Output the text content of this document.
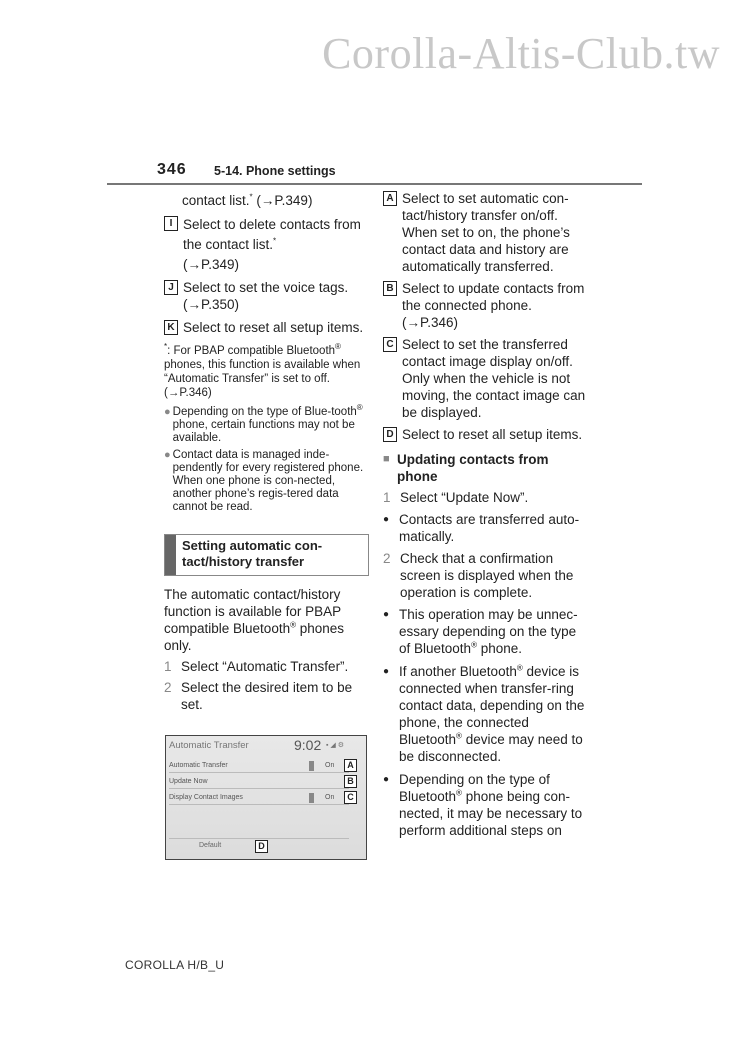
Corolla-Altis-Club.tw
346 5-14. Phone settings
contact list.* (→P.349)
I Select to delete contacts from the contact list.*
(→P.349)
J Select to set the voice tags.
(→P.350)
K Select to reset all setup items.
*: For PBAP compatible Bluetooth® phones, this function is available when “Automatic Transfer” is set to off. (→P.346)
● Depending on the type of Blue-tooth® phone, certain functions may not be available.
● Contact data is managed inde-pendently for every registered phone. When one phone is con-nected, another phone’s regis-tered data cannot be read.
Setting automatic con-tact/history transfer
The automatic contact/history function is available for PBAP compatible Bluetooth® phones only.
1 Select “Automatic Transfer”.
2 Select the desired item to be set.
Automatic Transfer	9:02 ▪ ◢ ⚙
Automatic Transfer	On	A
Update Now	B
Display Contact Images	On	C
Default	D
A Select to set automatic con-tact/history transfer on/off. When set to on, the phone’s contact data and history are automatically transferred.
B Select to update contacts from the connected phone. (→P.346)
C Select to set the transferred contact image display on/off. Only when the vehicle is not moving, the contact image can be displayed.
D Select to reset all setup items.
■ Updating contacts from phone
1 Select “Update Now”.
● Contacts are transferred auto-matically.
2 Check that a confirmation screen is displayed when the operation is complete.
● This operation may be unnec-essary depending on the type of Bluetooth® phone.
● If another Bluetooth® device is connected when transfer-ring contact data, depending on the phone, the connected Bluetooth® device may need to be disconnected.
● Depending on the type of Bluetooth® phone being con-nected, it may be necessary to perform additional steps on
COROLLA H/B_U
